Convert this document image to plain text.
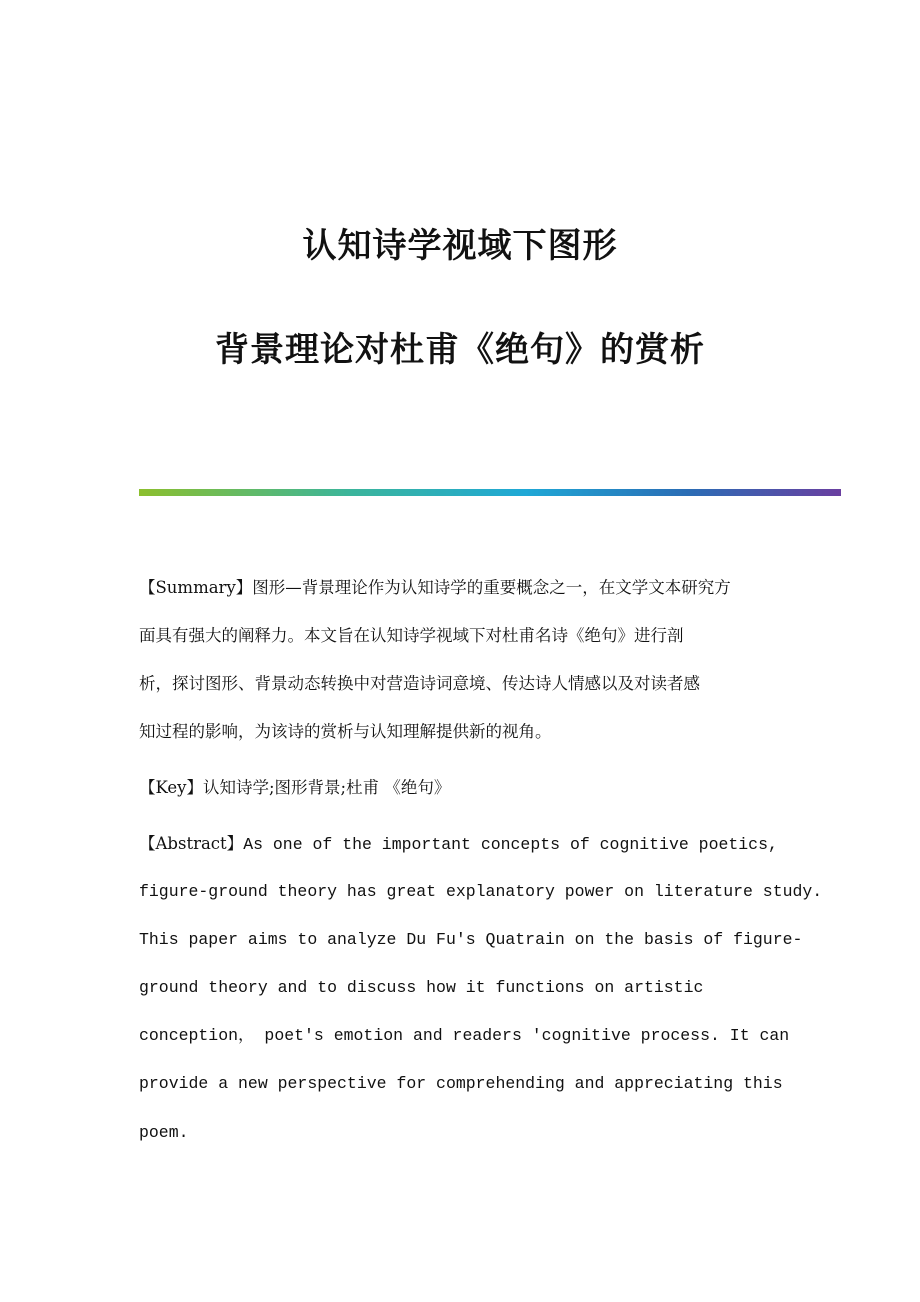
认知诗学视域下图形
背景理论对杜甫《绝句》的赏析
【Summary】图形—背景理论作为认知诗学的重要概念之一，在文学文本研究方
面具有强大的阐释力。本文旨在认知诗学视域下对杜甫名诗《绝句》进行剖
析，探讨图形、背景动态转换中对营造诗词意境、传达诗人情感以及对读者感
知过程的影响，为该诗的赏析与认知理解提供新的视角。
【Key】认知诗学;图形背景;杜甫 《绝句》
【Abstract】As one of the important concepts of cognitive poetics,
figure-ground theory has great explanatory power on literature study.
This paper aims to analyze Du Fu's Quatrain on the basis of figure-
ground theory and to discuss how it functions on artistic
conception， poet's emotion and readers 'cognitive process. It can
provide a new perspective for comprehending and appreciating this
poem.
